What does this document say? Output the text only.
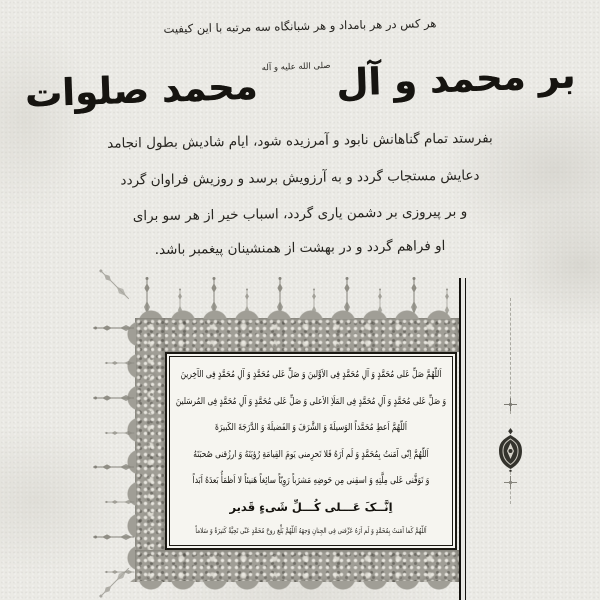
هر کس در هر بامداد و هر شبانگاه سه مرتبه با این کیفیت
بر محمد و آل
صلی الله علیه و آله
محمد صلوات
بفرستد تمام گناهانش نابود و آمرزیده شود، ایام شادیش بطول انجامد
دعایش مستجاب گردد و به آرزویش برسد و روزیش فراوان گردد
و بر پیروزی بر دشمن یاری گردد، اسباب خیر از هر سو برای
او فراهم گردد و در بهشت از همنشینان پیغمبر باشد.
اَللّهُمَّ صَلِّ عَلی مُحَمَّدٍ وَ آلِ مُحَمَّدٍ فِی الاَوَّلینَ وَ صَلِّ عَلی مُحَمَّدٍ وَ آلِ مُحَمَّدٍ فِی الآخِرینَ
وَ صَلِّ عَلی مُحَمَّدٍ وَ آلِ مُحَمَّدٍ فِی المَلَاِ الاَعلی وَ صَلِّ عَلی مُحَمَّدٍ وَ آلِ مُحَمَّدٍ فِی المُرسَلینَ
اَللّهُمَّ اَعطِ مُحَمَّداً الوَسیلَةَ وَ الشَّرَفَ وَ الفَضیلَةَ وَ الدَّرَجَةَ الکَبیرَةَ
اَللّهُمَّ اِنّی آمَنتُ بِمُحَمَّدٍ وَ لَم اَرَهُ فَلا تَحرِمنی یَومَ القِیامَةِ رُؤیَتَهُ وَ ارزُقنی صُحبَتَهُ
وَ تَوَفَّنی عَلی مِلَّتِهِ وَ اسقِنی مِن حَوضِهِ مَشرَباً رَوِیّاً سائِغاً هَنیئاً لا اَظمَأُ بَعدَهُ اَبَداً
اِنَّــکَ عَـــلی کُـــلِّ شَیءٍ قَدیر
اَللّهُمَّ کَما آمَنتُ بِمُحَمَّدٍ وَ لَم اَرَهُ عَرِّفنی فِی الجِنانِ وَجهَهُ اَللّهُمَّ بَلِّغ روحَ مُحَمَّدٍ عَنّی تَحِیَّةً کَثیرَةً وَ سَلاماً
